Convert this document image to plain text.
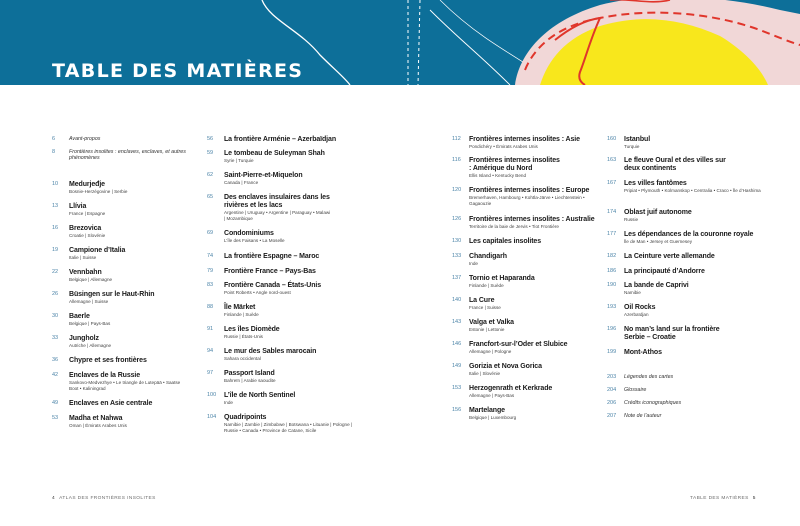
TABLE DES MATIÈRES
6	Avant-propos
8	Frontières insolites : enclaves, exclaves, et autres phénomènes
10	Medurjeđje
Bosnie-Herzégovine | Serbie
13	Llívia
France | Espagne
16	Brezovica
Croatie | Slovénie
19	Campione d’Italia
Italie | Suisse
22	Vennbahn
Belgique | Allemagne
26	Büsingen sur le Haut-Rhin
Allemagne | Suisse
30	Baerle
Belgique | Pays-Bas
33	Jungholz
Autriche | Allemagne
36	Chypre et ses frontières
42	Enclaves de la Russie
Sankovo-Medvezhye • Le triangle de Lutepää • Saatse Boot • Kaliningrad
49	Enclaves en Asie centrale
53	Madha et Nahwa
Oman | Émirats Arabes Unis
56	La frontière Arménie – Azerbaïdjan
59	Le tombeau de Suleyman Shah
Syrie | Turquie
62	Saint-Pierre-et-Miquelon
Canada | France
65	Des enclaves insulaires dans les rivières et les lacs
Argentine | Uruguay • Argentine | Paraguay • Malawi | Mozambique
69	Condominiums
L’île des Faisans • La Moselle
74	La frontière Espagne – Maroc
79	Frontière France – Pays-Bas
83	Frontière Canada – États-Unis
Point Roberts • Angle nord-ouest
88	Île Märket
Finlande | Suède
91	Les îles Diomède
Russie | États-Unis
94	Le mur des Sables marocain
Sahara occidental
97	Passport Island
Bahreïn | Arabie saoudite
100	L’île de North Sentinel
Inde
104	Quadripoints
Namibie | Zambie | Zimbabwe | Botswana • Lituanie | Pologne | Russie • Canada • Province de Catane, Sicile
112	Frontières internes insolites : Asie
Pondichéry • Émirats Arabes Unis
116	Frontières internes insolites : Amérique du Nord
Ellis Island • Kentucky Bend
120	Frontières internes insolites : Europe
Bremerhaven, Hambourg • Kohtla-Järve • Liechtenstein • Gagaouzie
126	Frontières internes insolites : Australie
Territoire de la baie de Jervis • Tiot Frontière
130	Les capitales insolites
133	Chandigarh
Inde
137	Tornio et Haparanda
Finlande | Suède
140	La Cure
France | Suisse
143	Valga et Valka
Estonie | Lettonie
146	Francfort-sur-l’Oder et Slubice
Allemagne | Pologne
149	Gorizia et Nova Gorica
Italie | Slovénie
153	Herzogenrath et Kerkrade
Allemagne | Pays-Bas
156	Martelange
Belgique | Luxembourg
160	Istanbul
Turquie
163	Le fleuve Oural et des villes sur deux continents
167	Les villes fantômes
Pripiat • Plymouth • Kolmanskop • Centralia • Craco • Île d’Hashima
174	Oblast juif autonome
Russie
177	Les dépendances de la couronne royale
Île de Man • Jersey et Guernesey
182	La Ceinture verte allemande
186	La principauté d’Andorre
190	La bande de Caprivi
Namibie
193	Oil Rocks
Azerbaïdjan
196	No man’s land sur la frontière Serbie – Croatie
199	Mont-Athos
203	Légendes des cartes
204	Glossaire
206	Crédits iconographiques
207	Note de l’auteur
4 ATLAS DES FRONTIÈRES INSOLITES	TABLE DES MATIÈRES 5
